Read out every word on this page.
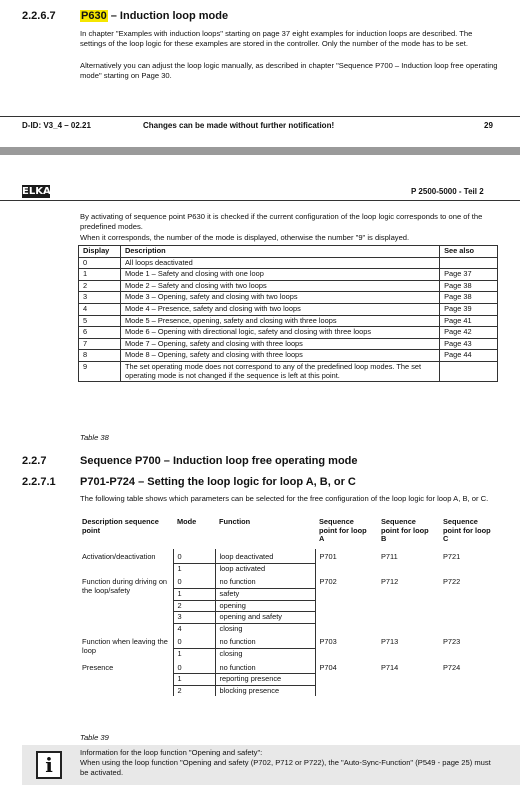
2.2.6.7 P630 – Induction loop mode
In chapter "Examples with induction loops" starting on page 37 eight examples for induction loops are described. The settings of the loop logic for these examples are stored in the controller. Only the number of the mode has to be set.
Alternatively you can adjust the loop logic manually, as described in chapter "Sequence P700 – Induction loop free operating mode" starting on Page 30.
D-ID: V3_4 – 02.21	Changes can be made without further notification!	29
ELKA	P 2500-5000 - Teil 2
By activating of sequence point P630 it is checked if the current configuration of the loop logic corresponds to one of the predefined modes.
When it corresponds, the number of the mode is displayed, otherwise the number "9" is displayed.
Display	Description	See also
0	All loops deactivated	
1	Mode 1 – Safety and closing with one loop	Page 37
2	Mode 2 – Safety and closing with two loops	Page 38
3	Mode 3 – Opening, safety and closing with two loops	Page 38
4	Mode 4 – Presence, safety and closing with two loops	Page 39
5	Mode 5 – Presence, opening, safety and closing with three loops	Page 41
6	Mode 6 – Opening with directional logic, safety and closing with three loops	Page 42
7	Mode 7 – Opening, safety and closing with three loops	Page 43
8	Mode 8 – Opening, safety and closing with three loops	Page 44
9	The set operating mode does not correspond to any of the predefined loop modes. The set operating mode is not changed if the sequence is left at this point.	
Table 38
2.2.7	Sequence P700 – Induction loop free operating mode
2.2.7.1 P701-P724 – Setting the loop logic for loop A, B, or C
The following table shows which parameters can be selected for the free configuration of the loop logic for loop A, B, or C.
Description sequence point	Mode	Function	Sequence point for loop A	Sequence point for loop B	Sequence point for loop C
Activation/deactivation	0	loop deactivated	P701	P711	P721
	1	loop activated			
Function during driving on the loop/safety	0	no function	P702	P712	P722
	1	safety			
	2	opening			
	3	opening and safety			
	4	closing			
Function when leaving the loop	0	no function	P703	P713	P723
	1	closing			
Presence	0	no function	P704	P714	P724
	1	reporting presence			
	2	blocking presence			
Table 39
i
Information for the loop function "Opening and safety":
When using the loop function "Opening and safety (P702, P712 or P722), the "Auto-Sync-Function" (P549 - page 25) must be activated.
